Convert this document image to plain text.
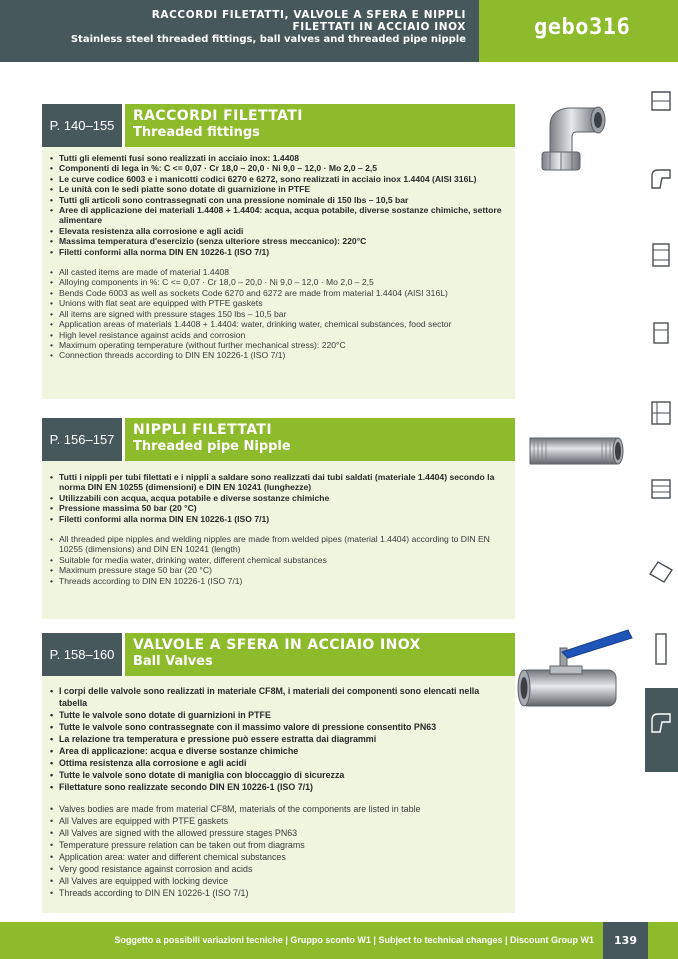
RACCORDI FILETATTI, VALVOLE A SFERA E NIPPLI
FILETTATI IN ACCIAIO INOX
Stainless steel threaded fittings, ball valves and threaded pipe nipple	gebo316
P. 140–155
RACCORDI FILETTATI
Threaded fittings
• Tutti gli elementi fusi sono realizzati in acciaio inox: 1.4408
• Componenti di lega in %: C <= 0,07 · Cr 18,0 – 20,0 · Ni 9,0 – 12,0 · Mo 2,0 – 2,5
• Le curve codice 6003 e i manicotti codici 6270 e 6272, sono realizzati in acciaio inox 1.4404 (AISI 316L)
• Le unità con le sedi piatte sono dotate di guarnizione in PTFE
• Tutti gli articoli sono contrassegnati con una pressione nominale di 150 lbs – 10,5 bar
• Aree di applicazione dei materiali 1.4408 + 1.4404: acqua, acqua potabile, diverse sostanze chimiche, settore alimentare
• Elevata resistenza alla corrosione e agli acidi
• Massima temperatura d'esercizio (senza ulteriore stress meccanico): 220°C
• Filetti conformi alla norma DIN EN 10226-1 (ISO 7/1)
• All casted items are made of material 1.4408
• Alloying components in %: C <= 0,07 · Cr 18,0 – 20,0 · Ni 9,0 – 12,0 · Mo 2,0 – 2,5
• Bends Code 6003 as well as sockets Code 6270 and 6272 are made from material 1.4404 (AISI 316L)
• Unions with flat seat are equipped with PTFE gaskets
• All items are signed with pressure stages 150 lbs – 10,5 bar
• Application areas of materials 1.4408 + 1.4404: water, drinking water, chemical substances, food sector
• High level resistance against acids and corrosion
• Maximum operating temperature (without further mechanical stress): 220°C
• Connection threads according to DIN EN 10226-1 (ISO 7/1)
P. 156–157
NIPPLI FILETTATI
Threaded pipe Nipple
• Tutti i nippli per tubi filettati e i nippli a saldare sono realizzati dai tubi saldati (materiale 1.4404) secondo la norma DIN EN 10255 (dimensioni) e DIN EN 10241 (lunghezze)
• Utilizzabili con acqua, acqua potabile e diverse sostanze chimiche
• Pressione massima 50 bar (20 °C)
• Filetti conformi alla norma DIN EN 10226-1 (ISO 7/1)
• All threaded pipe nipples and welding nipples are made from welded pipes (material 1.4404) according to DIN EN 10255 (dimensions) and DIN EN 10241 (length)
• Suitable for media water, drinking water, different chemical substances
• Maximum pressure stage 50 bar (20 °C)
• Threads according to DIN EN 10226-1 (ISO 7/1)
P. 158–160
VALVOLE A SFERA IN ACCIAIO INOX
Ball Valves
• I corpi delle valvole sono realizzati in materiale CF8M, i materiali dei componenti sono elencati nella tabella
• Tutte le valvole sono dotate di guarnizioni in PTFE
• Tutte le valvole sono contrassegnate con il massimo valore di pressione consentito PN63
• La relazione tra temperatura e pressione può essere estratta dai diagrammi
• Area di applicazione: acqua e diverse sostanze chimiche
• Ottima resistenza alla corrosione e agli acidi
• Tutte le valvole sono dotate di maniglia con bloccaggio di sicurezza
• Filettature sono realizzate secondo DIN EN 10226-1 (ISO 7/1)
• Valves bodies are made from material CF8M, materials of the components are listed in table
• All Valves are equipped with PTFE gaskets
• All Valves are signed with the allowed pressure stages PN63
• Temperature pressure relation can be taken out from diagrams
• Application area: water and different chemical substances
• Very good resistance against corrosion and acids
• All Valves are equipped with locking device
• Threads according to DIN EN 10226-1 (ISO 7/1)
Soggetto a possibili variazioni tecniche | Gruppo sconto W1 | Subject to technical changes | Discount Group W1	139
